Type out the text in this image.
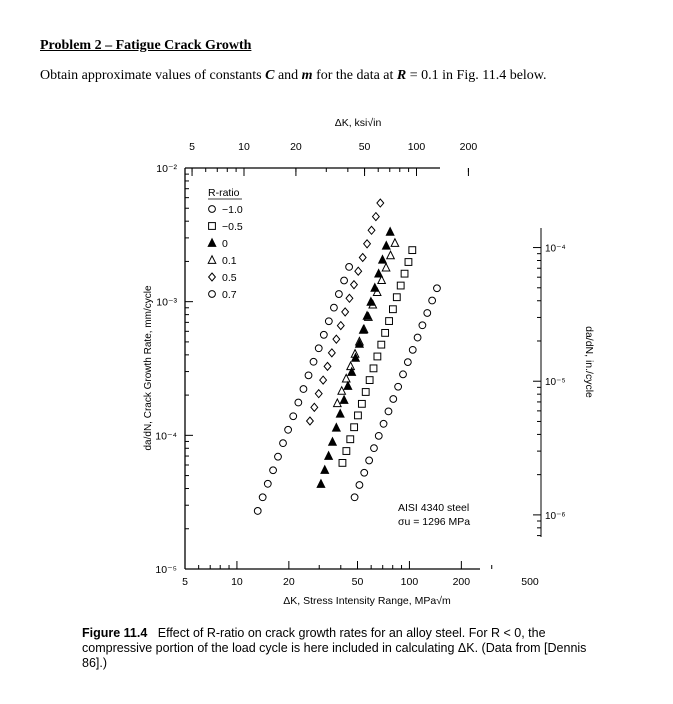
Problem 2 – Fatigue Crack Growth
Obtain approximate values of constants C and m for the data at R = 0.1 in Fig. 11.4 below.
5	10	20	50	100	200	500
10⁻²
10⁻³
10⁻⁴
10⁻⁵
5	10	20	50	100	200
ΔK, ksi√in
10⁻⁴
10⁻⁵
10⁻⁶
da/dN, in./cycle
ΔK, Stress Intensity Range, MPa√m
da/dN, Crack Growth Rate, mm/cycle
R-ratio
−1.0
−0.5
0
0.1
0.5
0.7
AISI 4340 steel
σu = 1296 MPa
Figure 11.4 Effect of R-ratio on crack growth rates for an alloy steel. For R < 0, the compressive portion of the load cycle is here included in calculating ΔK. (Data from [Dennis 86].)
